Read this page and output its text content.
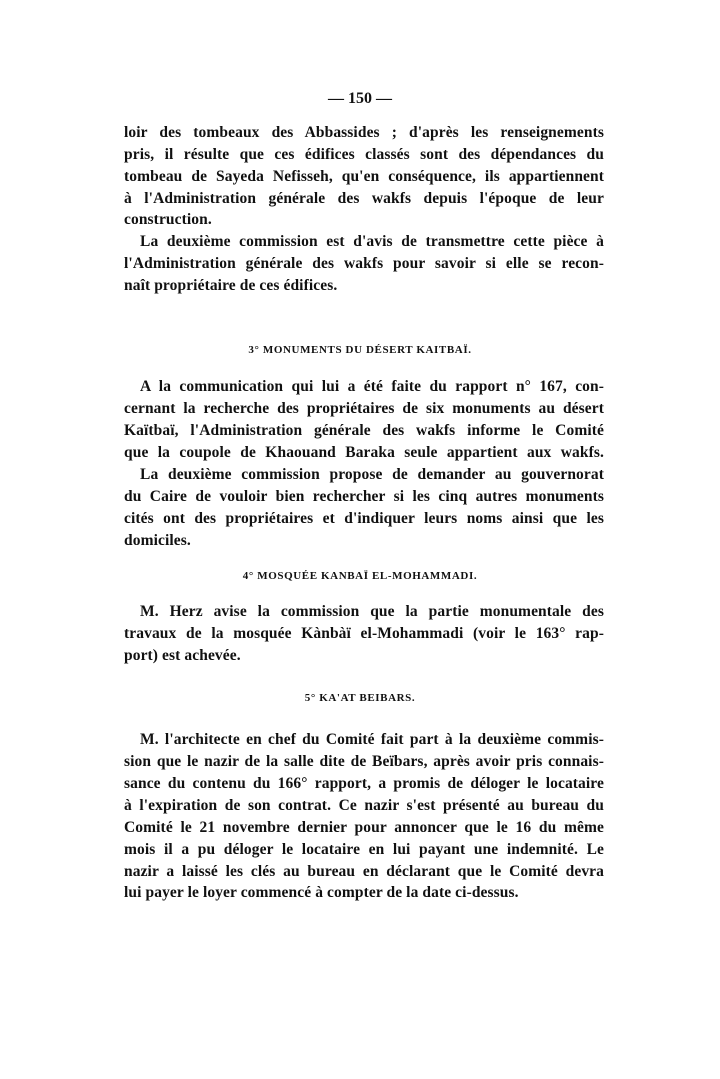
— 150 —
loir des tombeaux des Abbassides ; d'après les renseignements
pris, il résulte que ces édifices classés sont des dépendances du
tombeau de Sayeda Nefisseh, qu'en conséquence, ils appartiennent
à l'Administration générale des wakfs depuis l'époque de leur
construction.
La deuxième commission est d'avis de transmettre cette pièce à
l'Administration générale des wakfs pour savoir si elle se recon-
naît propriétaire de ces édifices.
3° MONUMENTS DU DÉSERT KAITBAÏ.
A la communication qui lui a été faite du rapport n° 167, con-
cernant la recherche des propriétaires de six monuments au désert
Kaïtbaï, l'Administration générale des wakfs informe le Comité
que la coupole de Khaouand Baraka seule appartient aux wakfs.
La deuxième commission propose de demander au gouvernorat
du Caire de vouloir bien rechercher si les cinq autres monuments
cités ont des propriétaires et d'indiquer leurs noms ainsi que les
domiciles.
4° MOSQUÉE KANBAÏ EL-MOHAMMADI.
M. Herz avise la commission que la partie monumentale des
travaux de la mosquée Kànbàï el-Mohammadi (voir le 163° rap-
port) est achevée.
5° KA'AT BEIBARS.
M. l'architecte en chef du Comité fait part à la deuxième commis-
sion que le nazir de la salle dite de Beïbars, après avoir pris connais-
sance du contenu du 166° rapport, a promis de déloger le locataire
à l'expiration de son contrat. Ce nazir s'est présenté au bureau du
Comité le 21 novembre dernier pour annoncer que le 16 du même
mois il a pu déloger le locataire en lui payant une indemnité. Le
nazir a laissé les clés au bureau en déclarant que le Comité devra
lui payer le loyer commencé à compter de la date ci-dessus.
